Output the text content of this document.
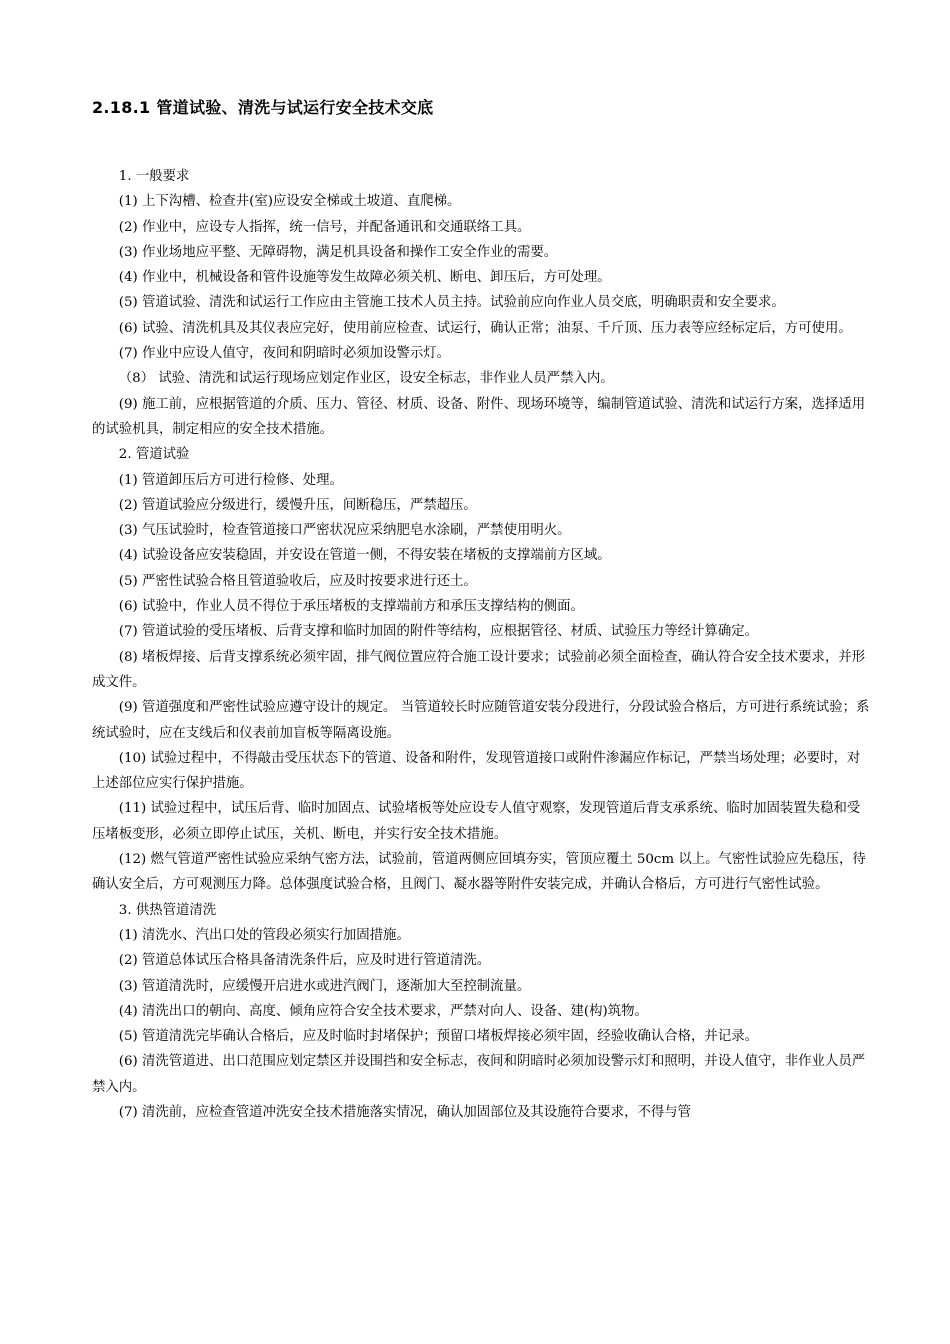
2.18.1 管道试验、清洗与试运行安全技术交底

1. 一般要求

(1) 上下沟槽、检查井(室)应设安全梯或土坡道、直爬梯。

(2) 作业中，应设专人指挥，统一信号，并配备通讯和交通联络工具。

(3) 作业场地应平整、无障碍物，满足机具设备和操作工安全作业的需要。

(4) 作业中，机械设备和管件设施等发生故障必须关机、断电、卸压后，方可处理。

(5) 管道试验、清洗和试运行工作应由主管施工技术人员主持。试验前应向作业人员交底，明确职责和安全要求。

(6) 试验、清洗机具及其仪表应完好，使用前应检查、试运行，确认正常；油泵、千斤顶、压力表等应经标定后，方可使用。

(7) 作业中应设人值守，夜间和阴暗时必须加设警示灯。

（8） 试验、清洗和试运行现场应划定作业区，设安全标志，非作业人员严禁入内。

(9) 施工前，应根据管道的介质、压力、管径、材质、设备、附件、现场环境等，编制管道试验、清洗和试运行方案，选择适用的试验机具，制定相应的安全技术措施。

2. 管道试验

(1) 管道卸压后方可进行检修、处理。

(2) 管道试验应分级进行，缓慢升压，间断稳压，严禁超压。

(3) 气压试验时，检查管道接口严密状况应采纳肥皂水涂刷，严禁使用明火。

(4) 试验设备应安装稳固，并安设在管道一侧，不得安装在堵板的支撑端前方区域。

(5) 严密性试验合格且管道验收后，应及时按要求进行还土。

(6) 试验中，作业人员不得位于承压堵板的支撑端前方和承压支撑结构的侧面。

(7) 管道试验的受压堵板、后背支撑和临时加固的附件等结构，应根据管径、材质、试验压力等经计算确定。

(8) 堵板焊接、后背支撑系统必须牢固，排气阀位置应符合施工设计要求；试验前必须全面检查，确认符合安全技术要求，并形成文件。

(9) 管道强度和严密性试验应遵守设计的规定。 当管道较长时应随管道安装分段进行，分段试验合格后，方可进行系统试验；系统试验时，应在支线后和仪表前加盲板等隔离设施。

(10) 试验过程中，不得敲击受压状态下的管道、设备和附件，发现管道接口或附件渗漏应作标记，严禁当场处理；必要时，对上述部位应实行保护措施。

(11) 试验过程中，试压后背、临时加固点、试验堵板等处应设专人值守观察，发现管道后背支承系统、临时加固装置失稳和受压堵板变形，必须立即停止试压，关机、断电，并实行安全技术措施。

(12) 燃气管道严密性试验应采纳气密方法，试验前，管道两侧应回填夯实，管顶应覆土 50cm 以上。气密性试验应先稳压，待确认安全后，方可观测压力降。总体强度试验合格，且阀门、凝水器等附件安装完成，并确认合格后，方可进行气密性试验。

3. 供热管道清洗

(1) 清洗水、汽出口处的管段必须实行加固措施。

(2) 管道总体试压合格具备清洗条件后，应及时进行管道清洗。

(3) 管道清洗时，应缓慢开启进水或进汽阀门，逐渐加大至控制流量。

(4) 清洗出口的朝向、高度、倾角应符合安全技术要求，严禁对向人、设备、建(构)筑物。

(5) 管道清洗完毕确认合格后，应及时临时封堵保护；预留口堵板焊接必须牢固，经验收确认合格，并记录。

(6) 清洗管道进、出口范围应划定禁区并设围挡和安全标志，夜间和阴暗时必须加设警示灯和照明，并设人值守，非作业人员严禁入内。

(7) 清洗前，应检查管道冲洗安全技术措施落实情况，确认加固部位及其设施符合要求，不得与管
